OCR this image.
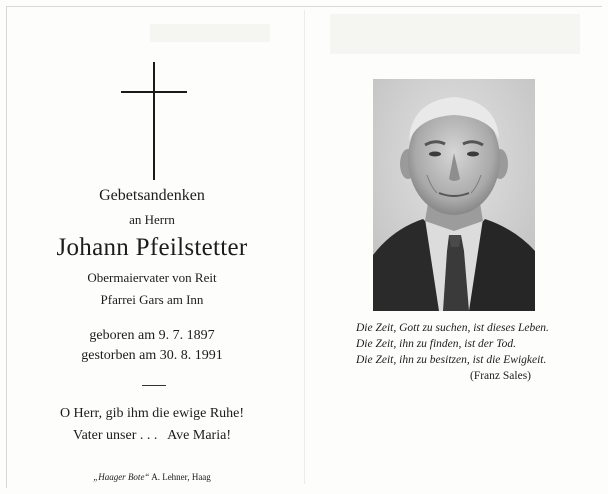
Gebetsandenken
an Herrn
Johann Pfeilstetter
Obermaiervater von Reit
Pfarrei Gars am Inn
geboren am 9. 7. 1897
gestorben am 30. 8. 1991
O Herr, gib ihm die ewige Ruhe!
Vater unser . . .   Ave Maria!
„Haager Bote“ A. Lehner, Haag
Die Zeit, Gott zu suchen, ist dieses Leben.
Die Zeit, ihn zu finden, ist der Tod.
Die Zeit, ihn zu besitzen, ist die Ewigkeit.
(Franz Sales)
